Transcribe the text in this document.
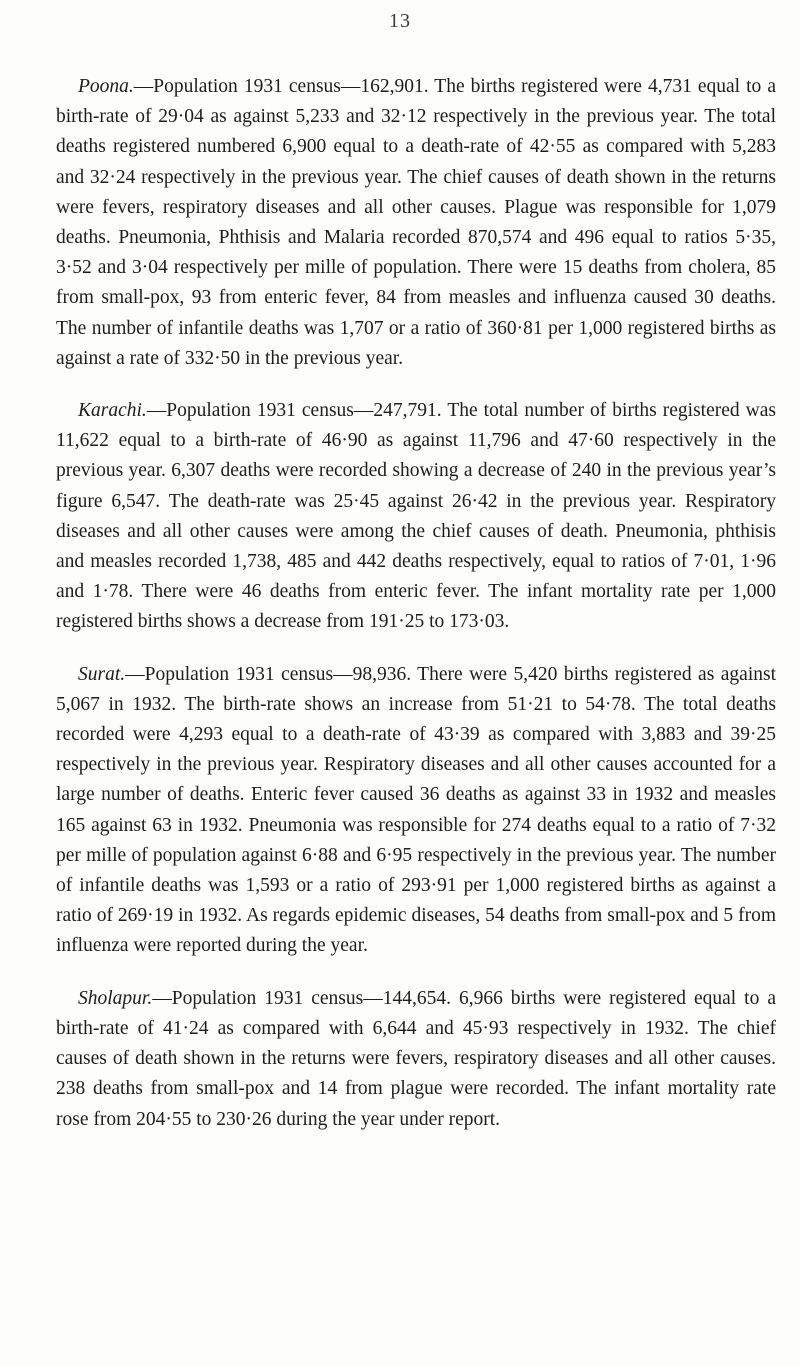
13

Poona.—Population 1931 census—162,901. The births registered were 4,731 equal to a birth-rate of 29·04 as against 5,233 and 32·12 respectively in the previous year. The total deaths registered numbered 6,900 equal to a death-rate of 42·55 as compared with 5,283 and 32·24 respectively in the previous year. The chief causes of death shown in the returns were fevers, respiratory diseases and all other causes. Plague was responsible for 1,079 deaths. Pneumonia, Phthisis and Malaria recorded 870,574 and 496 equal to ratios 5·35, 3·52 and 3·04 respectively per mille of population. There were 15 deaths from cholera, 85 from small-pox, 93 from enteric fever, 84 from measles and influenza caused 30 deaths. The number of infantile deaths was 1,707 or a ratio of 360·81 per 1,000 registered births as against a rate of 332·50 in the previous year.

Karachi.—Population 1931 census—247,791. The total number of births registered was 11,622 equal to a birth-rate of 46·90 as against 11,796 and 47·60 respectively in the previous year. 6,307 deaths were recorded showing a decrease of 240 in the previous year’s figure 6,547. The death-rate was 25·45 against 26·42 in the previous year. Respiratory diseases and all other causes were among the chief causes of death. Pneumonia, phthisis and measles recorded 1,738, 485 and 442 deaths respectively, equal to ratios of 7·01, 1·96 and 1·78. There were 46 deaths from enteric fever. The infant mortality rate per 1,000 registered births shows a decrease from 191·25 to 173·03.

Surat.—Population 1931 census—98,936. There were 5,420 births registered as against 5,067 in 1932. The birth-rate shows an increase from 51·21 to 54·78. The total deaths recorded were 4,293 equal to a death-rate of 43·39 as compared with 3,883 and 39·25 respectively in the previous year. Respiratory diseases and all other causes accounted for a large number of deaths. Enteric fever caused 36 deaths as against 33 in 1932 and measles 165 against 63 in 1932. Pneumonia was responsible for 274 deaths equal to a ratio of 7·32 per mille of population against 6·88 and 6·95 respectively in the previous year. The number of infantile deaths was 1,593 or a ratio of 293·91 per 1,000 registered births as against a ratio of 269·19 in 1932. As regards epidemic diseases, 54 deaths from small-pox and 5 from influenza were reported during the year.

Sholapur.—Population 1931 census—144,654. 6,966 births were registered equal to a birth-rate of 41·24 as compared with 6,644 and 45·93 respectively in 1932. The chief causes of death shown in the returns were fevers, respiratory diseases and all other causes. 238 deaths from small-pox and 14 from plague were recorded. The infant mortality rate rose from 204·55 to 230·26 during the year under report.
